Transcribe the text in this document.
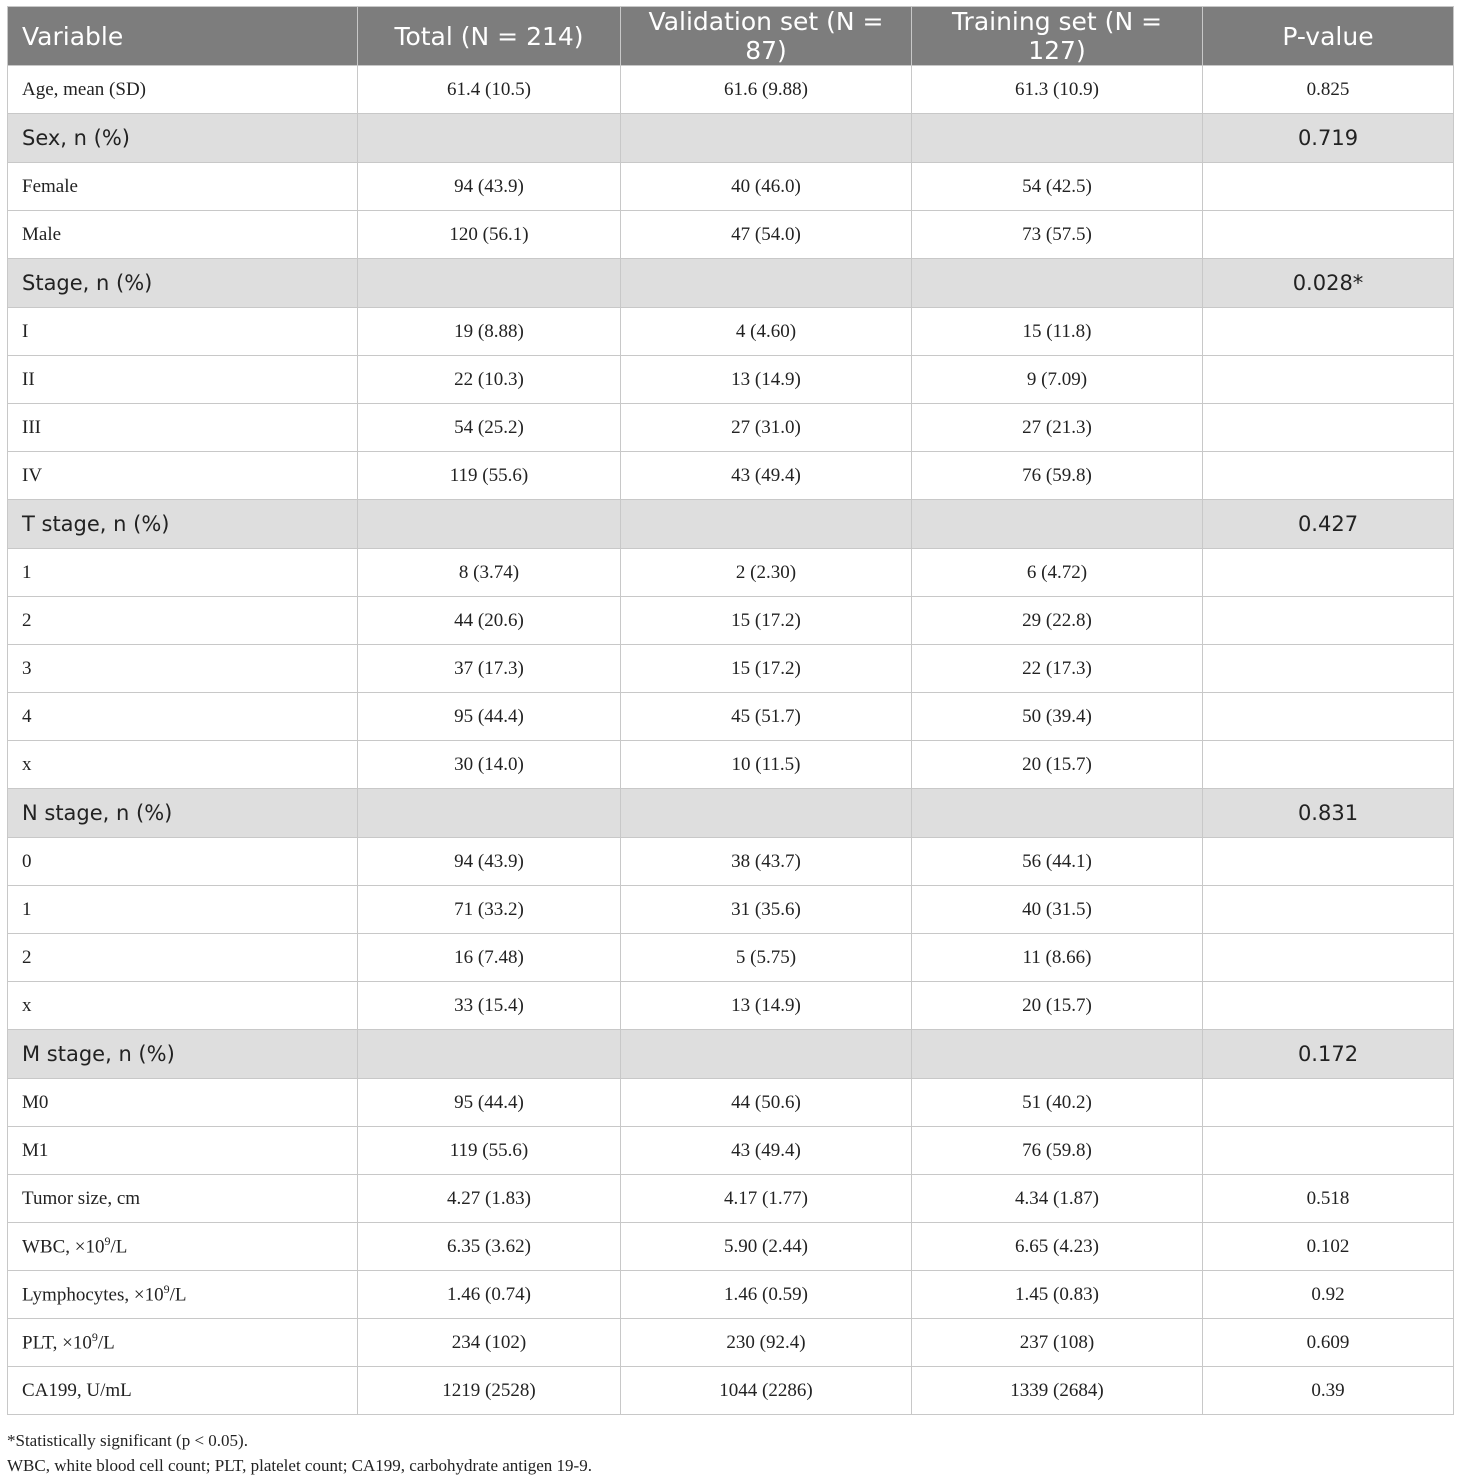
Variable	Total (N = 214)	Validation set (N = 87)	Training set (N = 127)	P-value
Age, mean (SD)	61.4 (10.5)	61.6 (9.88)	61.3 (10.9)	0.825
Sex, n (%)				0.719
Female	94 (43.9)	40 (46.0)	54 (42.5)	
Male	120 (56.1)	47 (54.0)	73 (57.5)	
Stage, n (%)				0.028*
I	19 (8.88)	4 (4.60)	15 (11.8)	
II	22 (10.3)	13 (14.9)	9 (7.09)	
III	54 (25.2)	27 (31.0)	27 (21.3)	
IV	119 (55.6)	43 (49.4)	76 (59.8)	
T stage, n (%)				0.427
1	8 (3.74)	2 (2.30)	6 (4.72)	
2	44 (20.6)	15 (17.2)	29 (22.8)	
3	37 (17.3)	15 (17.2)	22 (17.3)	
4	95 (44.4)	45 (51.7)	50 (39.4)	
x	30 (14.0)	10 (11.5)	20 (15.7)	
N stage, n (%)				0.831
0	94 (43.9)	38 (43.7)	56 (44.1)	
1	71 (33.2)	31 (35.6)	40 (31.5)	
2	16 (7.48)	5 (5.75)	11 (8.66)	
x	33 (15.4)	13 (14.9)	20 (15.7)	
M stage, n (%)				0.172
M0	95 (44.4)	44 (50.6)	51 (40.2)	
M1	119 (55.6)	43 (49.4)	76 (59.8)	
Tumor size, cm	4.27 (1.83)	4.17 (1.77)	4.34 (1.87)	0.518
WBC, $\times 10^9/L$	6.35 (3.62)	5.90 (2.44)	6.65 (4.23)	0.102
Lymphocytes, $\times 10^9/L$	1.46 (0.74)	1.46 (0.59)	1.45 (0.83)	0.92
PLT, $\times 10^9/L$	234 (102)	230 (92.4)	237 (108)	0.609
CA199, U/mL	1219 (2528)	1044 (2286)	1339 (2684)	0.39
*Statistically significant (p < 0.05).
WBC, white blood cell count; PLT, platelet count; CA199, carbohydrate antigen 19-9.
